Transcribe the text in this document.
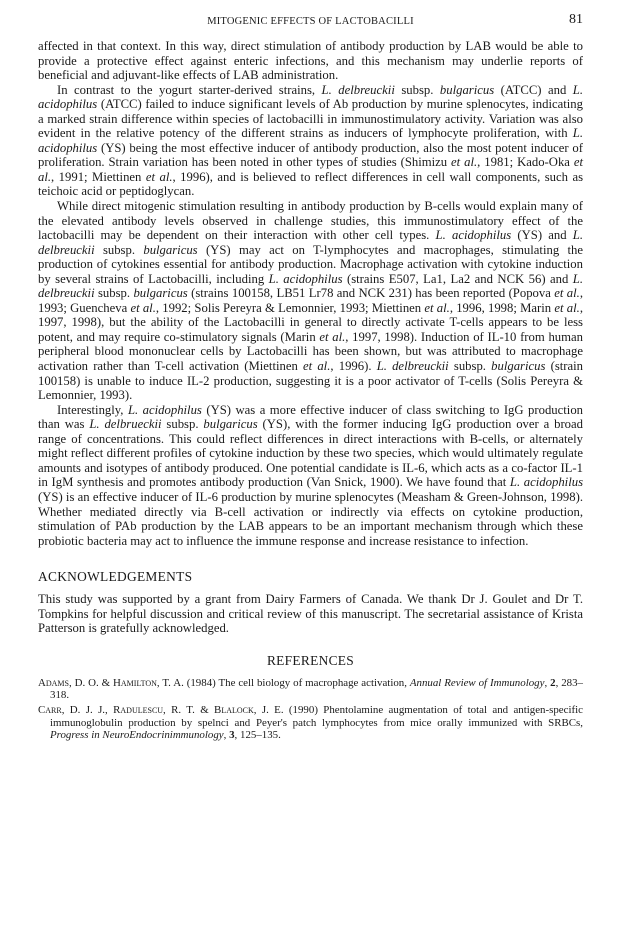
MITOGENIC EFFECTS OF LACTOBACILLI	81

affected in that context. In this way, direct stimulation of antibody production by LAB would be able to provide a protective effect against enteric infections, and this mechanism may underlie reports of beneficial and adjuvant-like effects of LAB administration.

In contrast to the yogurt starter-derived strains, L. delbreuckii subsp. bulgaricus (ATCC) and L. acidophilus (ATCC) failed to induce significant levels of Ab production by murine splenocytes, indicating a marked strain difference within species of lactobacilli in immunostimulatory activity. Variation was also evident in the relative potency of the different strains as inducers of lymphocyte proliferation, with L. acidophilus (YS) being the most effective inducer of antibody production, also the most potent inducer of proliferation. Strain variation has been noted in other types of studies (Shimizu et al., 1981; Kado-Oka et al., 1991; Miettinen et al., 1996), and is believed to reflect differences in cell wall components, such as teichoic acid or peptidoglycan.

While direct mitogenic stimulation resulting in antibody production by B-cells would explain many of the elevated antibody levels observed in challenge studies, this immunostimulatory effect of the lactobacilli may be dependent on their interaction with other cell types. L. acidophilus (YS) and L. delbreuckii subsp. bulgaricus (YS) may act on T-lymphocytes and macrophages, stimulating the production of cytokines essential for antibody production. Macrophage activation with cytokine induction by several strains of Lactobacilli, including L. acidophilus (strains E507, La1, La2 and NCK 56) and L. delbreuckii subsp. bulgaricus (strains 100158, LB51 Lr78 and NCK 231) has been reported (Popova et al., 1993; Guencheva et al., 1992; Solis Pereyra & Lemonnier, 1993; Miettinen et al., 1996, 1998; Marin et al., 1997, 1998), but the ability of the Lactobacilli in general to directly activate T-cells appears to be less potent, and may require co-stimulatory signals (Marin et al., 1997, 1998). Induction of IL-10 from human peripheral blood mononuclear cells by Lactobacilli has been shown, but was attributed to macrophage activation rather than T-cell activation (Miettinen et al., 1996). L. delbreuckii subsp. bulgaricus (strain 100158) is unable to induce IL-2 production, suggesting it is a poor activator of T-cells (Solis Pereyra & Lemonnier, 1993).

Interestingly, L. acidophilus (YS) was a more effective inducer of class switching to IgG production than was L. delbrueckii subsp. bulgaricus (YS), with the former inducing IgG production over a broad range of concentrations. This could reflect differences in direct interactions with B-cells, or alternately might reflect different profiles of cytokine induction by these two species, which would ultimately regulate amounts and isotypes of antibody produced. One potential candidate is IL-6, which acts as a co-factor IL-1 in IgM synthesis and promotes antibody production (Van Snick, 1900). We have found that L. acidophilus (YS) is an effective inducer of IL-6 production by murine splenocytes (Measham & Green-Johnson, 1998). Whether mediated directly via B-cell activation or indirectly via effects on cytokine production, stimulation of PAb production by the LAB appears to be an important mechanism through which these probiotic bacteria may act to influence the immune response and increase resistance to infection.

ACKNOWLEDGEMENTS

This study was supported by a grant from Dairy Farmers of Canada. We thank Dr J. Goulet and Dr T. Tompkins for helpful discussion and critical review of this manuscript. The secretarial assistance of Krista Patterson is gratefully acknowledged.

REFERENCES
Adams, D. O. & Hamilton, T. A. (1984) The cell biology of macrophage activation, Annual Review of Immunology, 2, 283–318.
Carr, D. J. J., Radulescu, R. T. & Blalock, J. E. (1990) Phentolamine augmentation of total and antigen-specific immunoglobulin production by spelnci and Peyer's patch lymphocytes from mice orally immunized with SRBCs, Progress in NeuroEndocrinimmunology, 3, 125–135.
